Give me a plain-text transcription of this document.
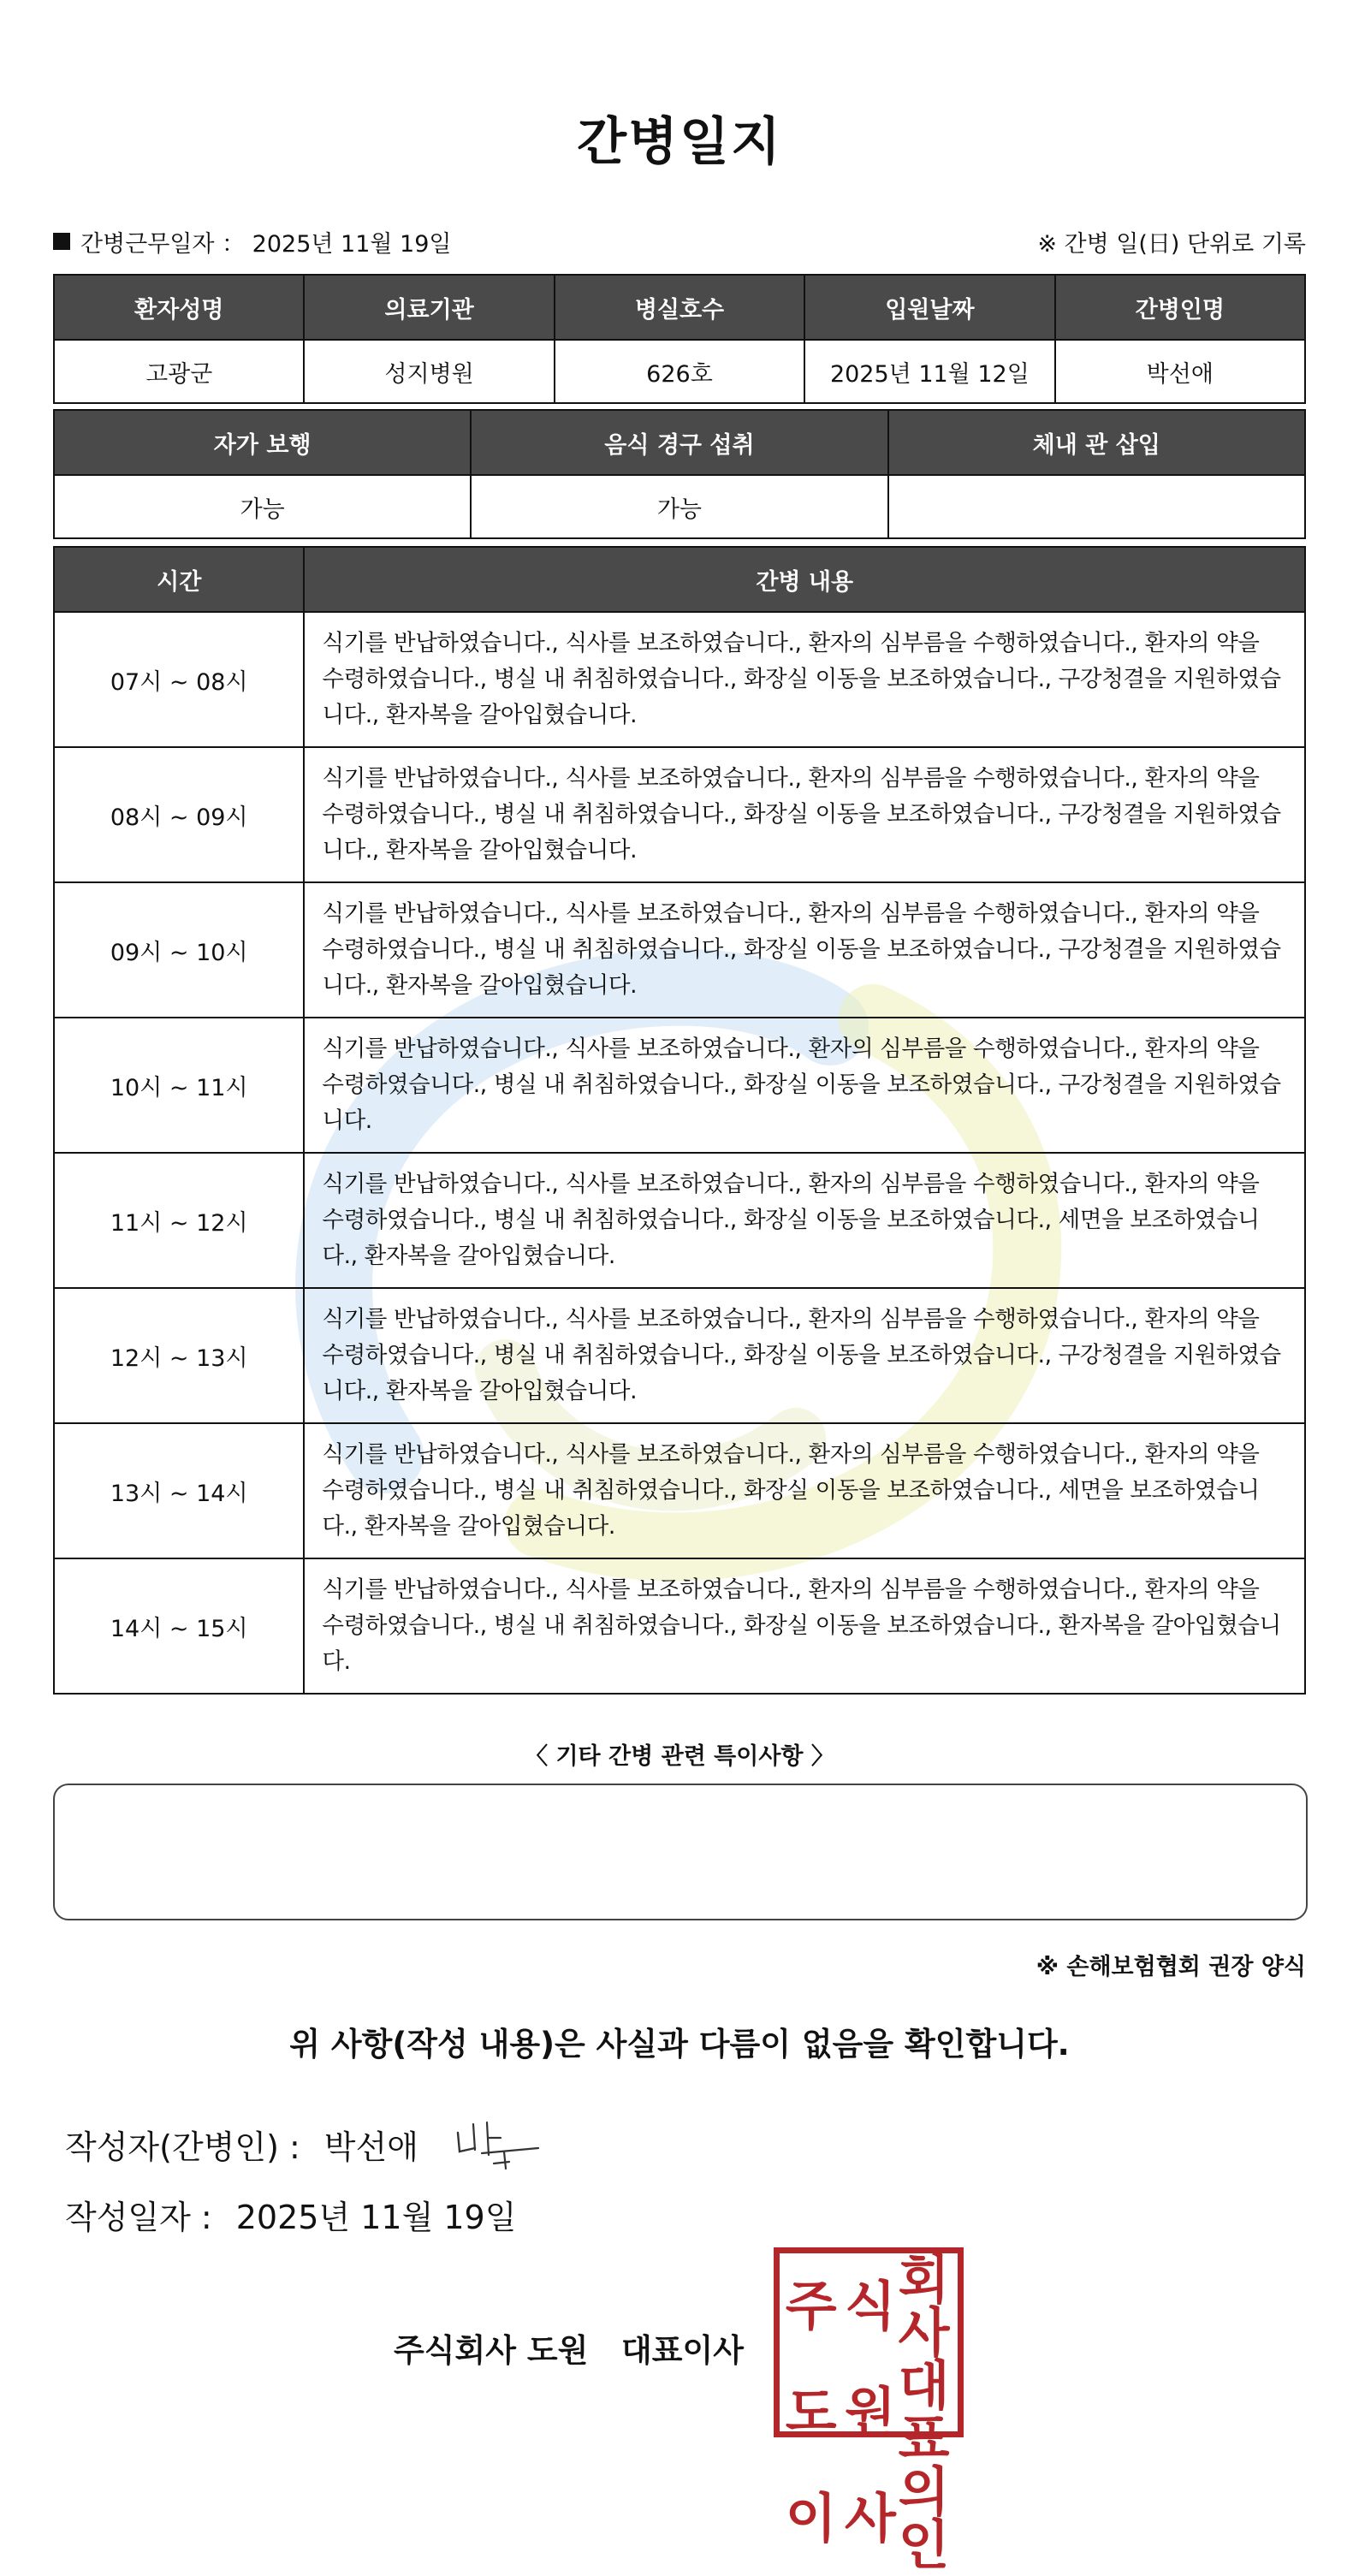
간병일지
간병근무일자 ： 2025년 11월 19일	※ 간병 일(日) 단위로 기록
환자성명	의료기관	병실호수	입원날짜	간병인명
고광군	성지병원	626호	2025년 11월 12일	박선애
자가 보행	음식 경구 섭취	체내 관 삽입
가능	가능	
시간	간병 내용
07시 ~ 08시	식기를 반납하였습니다., 식사를 보조하였습니다., 환자의 심부름을 수행하였습니다., 환자의 약을 수령하였습니다., 병실 내 취침하였습니다., 화장실 이동을 보조하였습니다., 구강청결을 지원하였습니다., 환자복을 갈아입혔습니다.
08시 ~ 09시	식기를 반납하였습니다., 식사를 보조하였습니다., 환자의 심부름을 수행하였습니다., 환자의 약을 수령하였습니다., 병실 내 취침하였습니다., 화장실 이동을 보조하였습니다., 구강청결을 지원하였습니다., 환자복을 갈아입혔습니다.
09시 ~ 10시	식기를 반납하였습니다., 식사를 보조하였습니다., 환자의 심부름을 수행하였습니다., 환자의 약을 수령하였습니다., 병실 내 취침하였습니다., 화장실 이동을 보조하였습니다., 구강청결을 지원하였습니다., 환자복을 갈아입혔습니다.
10시 ~ 11시	식기를 반납하였습니다., 식사를 보조하였습니다., 환자의 심부름을 수행하였습니다., 환자의 약을 수령하였습니다., 병실 내 취침하였습니다., 화장실 이동을 보조하였습니다., 구강청결을 지원하였습니다.
11시 ~ 12시	식기를 반납하였습니다., 식사를 보조하였습니다., 환자의 심부름을 수행하였습니다., 환자의 약을 수령하였습니다., 병실 내 취침하였습니다., 화장실 이동을 보조하였습니다., 세면을 보조하였습니다., 환자복을 갈아입혔습니다.
12시 ~ 13시	식기를 반납하였습니다., 식사를 보조하였습니다., 환자의 심부름을 수행하였습니다., 환자의 약을 수령하였습니다., 병실 내 취침하였습니다., 화장실 이동을 보조하였습니다., 구강청결을 지원하였습니다., 환자복을 갈아입혔습니다.
13시 ~ 14시	식기를 반납하였습니다., 식사를 보조하였습니다., 환자의 심부름을 수행하였습니다., 환자의 약을 수령하였습니다., 병실 내 취침하였습니다., 화장실 이동을 보조하였습니다., 세면을 보조하였습니다., 환자복을 갈아입혔습니다.
14시 ~ 15시	식기를 반납하였습니다., 식사를 보조하였습니다., 환자의 심부름을 수행하였습니다., 환자의 약을 수령하였습니다., 병실 내 취침하였습니다., 화장실 이동을 보조하였습니다., 환자복을 갈아입혔습니다.
〈 기타 간병 관련 특이사항 〉
※ 손해보험협회 권장 양식
위 사항(작성 내용)은 사실과 다름이 없음을 확인합니다.
작성자(간병인) : 박선애
작성일자 : 2025년 11월 19일
주식회사 도원   대표이사
주 식 회사
도 원 대표
이 사 의인
